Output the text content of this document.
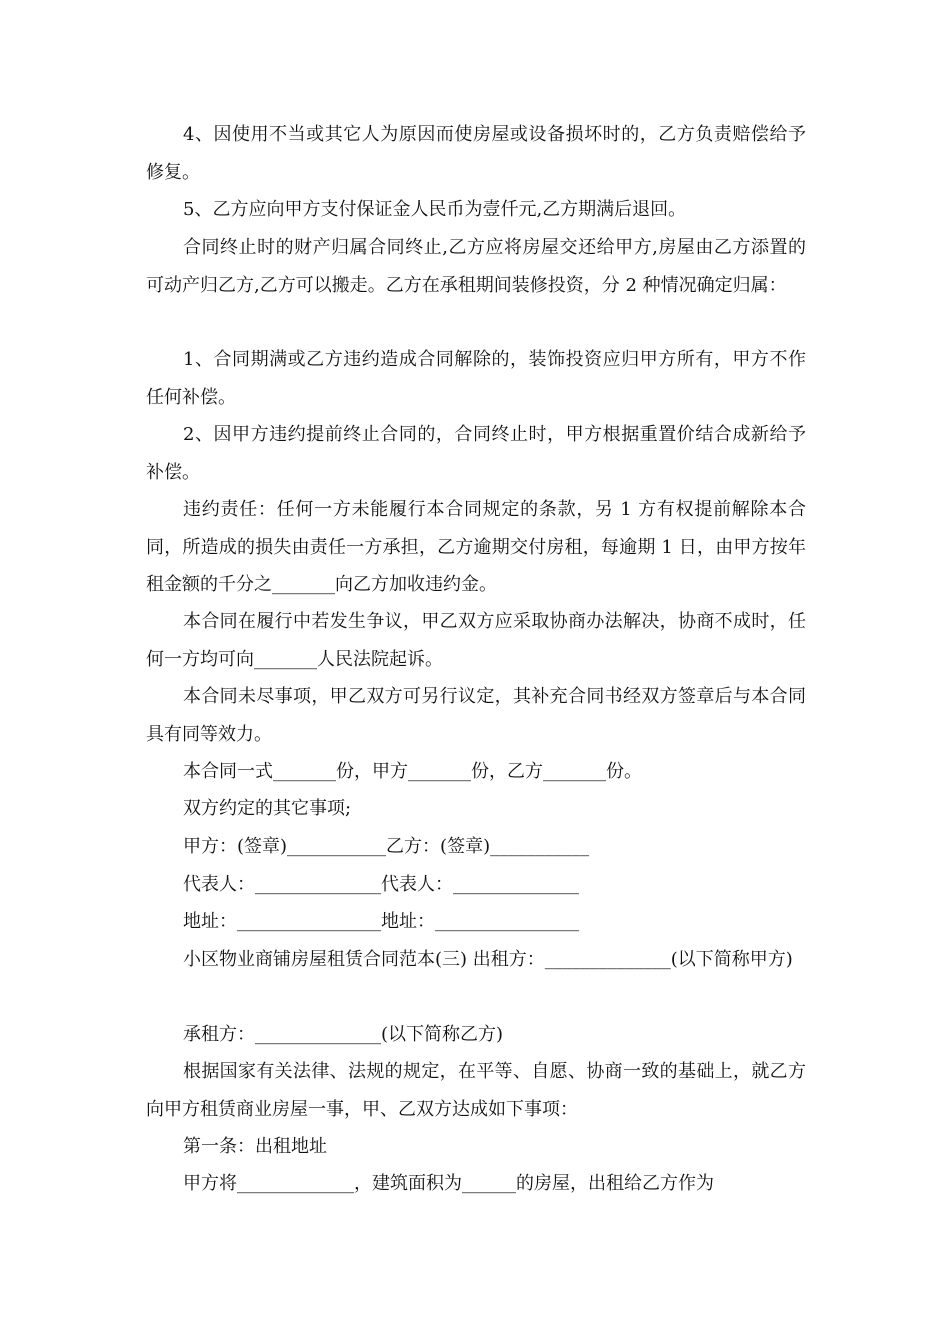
4、因使用不当或其它人为原因而使房屋或设备损坏时的，乙方负责赔偿给予修复。

5、乙方应向甲方支付保证金人民币为壹仟元,乙方期满后退回。

合同终止时的财产归属合同终止,乙方应将房屋交还给甲方,房屋由乙方添置的可动产归乙方,乙方可以搬走。乙方在承租期间装修投资，分 2 种情况确定归属：

1、合同期满或乙方违约造成合同解除的，装饰投资应归甲方所有，甲方不作任何补偿。

2、因甲方违约提前终止合同的，合同终止时，甲方根据重置价结合成新给予补偿。

违约责任：任何一方未能履行本合同规定的条款，另 1 方有权提前解除本合同，所造成的损失由责任一方承担，乙方逾期交付房租，每逾期 1 日，由甲方按年租金额的千分之_______向乙方加收违约金。

本合同在履行中若发生争议，甲乙双方应采取协商办法解决，协商不成时，任何一方均可向_______人民法院起诉。

本合同未尽事项，甲乙双方可另行议定，其补充合同书经双方签章后与本合同具有同等效力。

本合同一式_______份，甲方_______份，乙方_______份。
双方约定的其它事项;
甲方：(签章)___________乙方：(签章)___________
代表人：______________代表人：______________
地址：________________地址：________________

小区物业商铺房屋租赁合同范本(三) 出租方：______________(以下简称甲方)

承租方：______________(以下简称乙方)

根据国家有关法律、法规的规定，在平等、自愿、协商一致的基础上，就乙方向甲方租赁商业房屋一事，甲、乙双方达成如下事项：

第一条：出租地址
甲方将_____________，建筑面积为______的房屋，出租给乙方作为
